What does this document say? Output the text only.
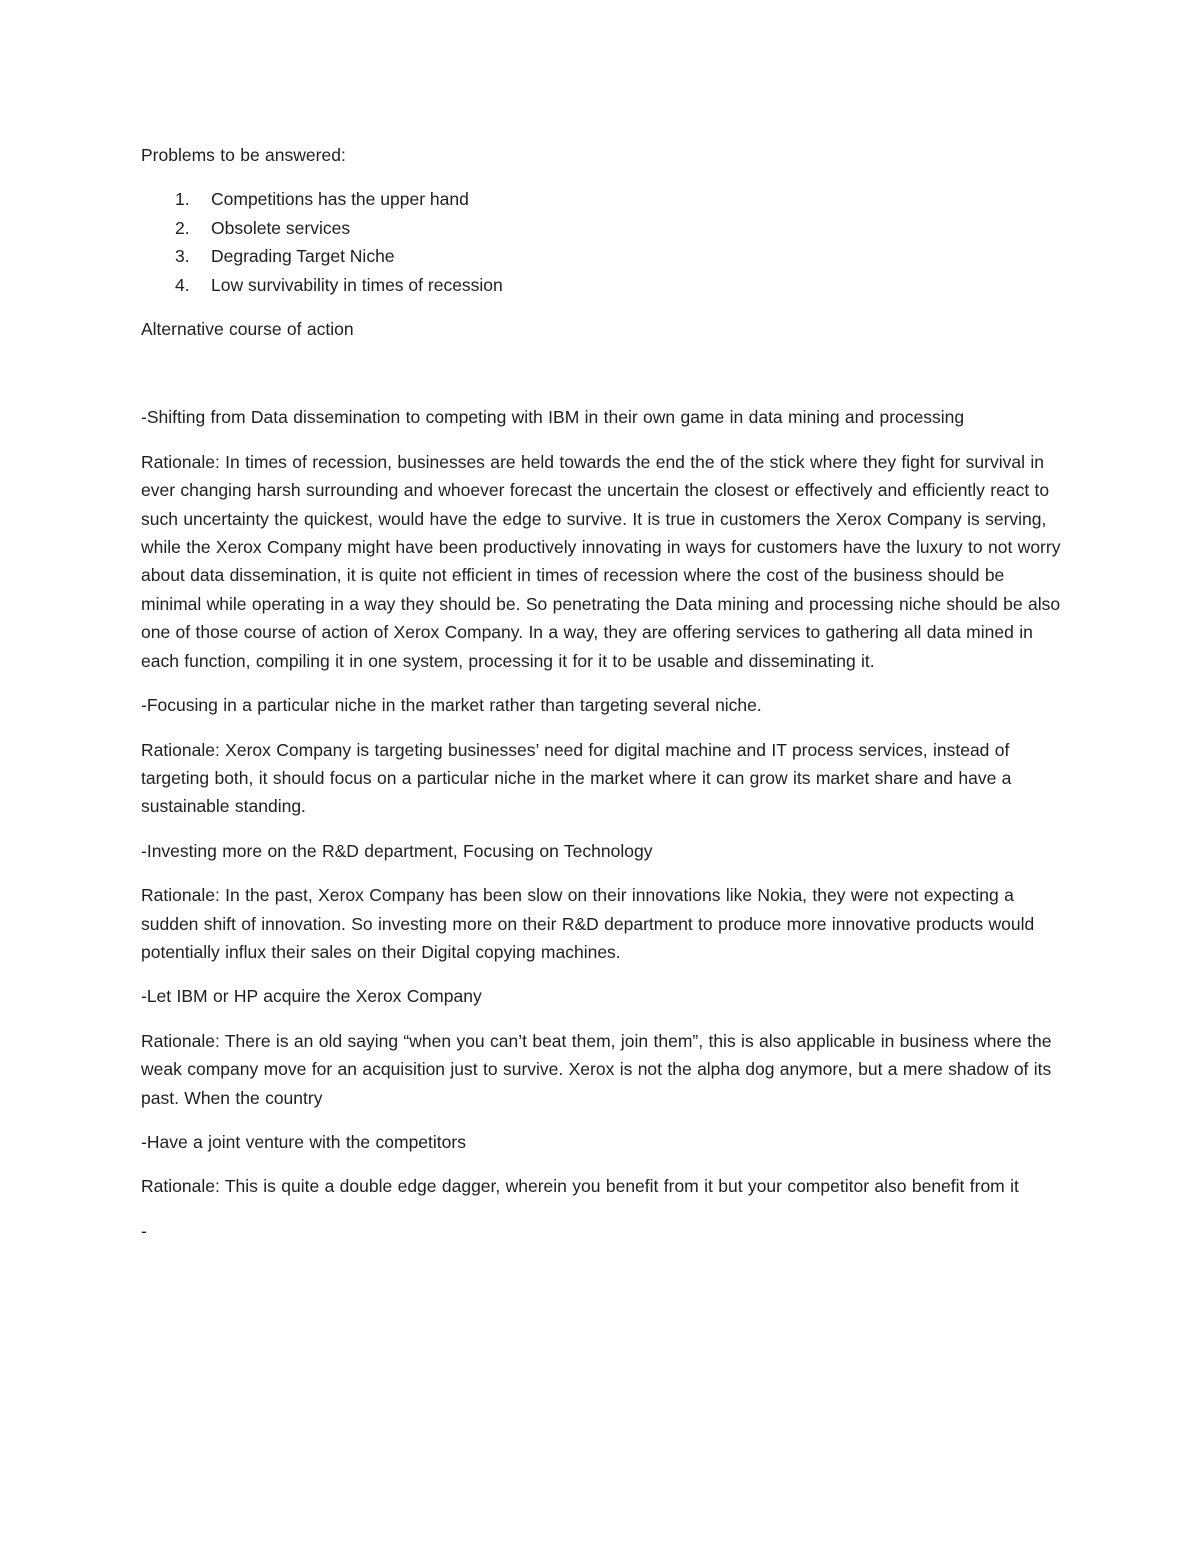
Problems to be answered:

1. Competitions has the upper hand
2. Obsolete services
3. Degrading Target Niche
4. Low survivability in times of recession

Alternative course of action

-Shifting from Data dissemination to competing with IBM in their own game in data mining and processing

Rationale: In times of recession, businesses are held towards the end the of the stick where they fight for survival in ever changing harsh surrounding and whoever forecast the uncertain the closest or effectively and efficiently react to such uncertainty the quickest, would have the edge to survive. It is true in customers the Xerox Company is serving, while the Xerox Company might have been productively innovating in ways for customers have the luxury to not worry about data dissemination, it is quite not efficient in times of recession where the cost of the business should be minimal while operating in a way they should be. So penetrating the Data mining and processing niche should be also one of those course of action of Xerox Company. In a way, they are offering services to gathering all data mined in each function, compiling it in one system, processing it for it to be usable and disseminating it.

-Focusing in a particular niche in the market rather than targeting several niche.

Rationale: Xerox Company is targeting businesses’ need for digital machine and IT process services, instead of targeting both, it should focus on a particular niche in the market where it can grow its market share and have a sustainable standing.

-Investing more on the R&D department, Focusing on Technology

Rationale: In the past, Xerox Company has been slow on their innovations like Nokia, they were not expecting a sudden shift of innovation. So investing more on their R&D department to produce more innovative products would potentially influx their sales on their Digital copying machines.

-Let IBM or HP acquire the Xerox Company

Rationale: There is an old saying “when you can’t beat them, join them”, this is also applicable in business where the weak company move for an acquisition just to survive. Xerox is not the alpha dog anymore, but a mere shadow of its past. When the country

-Have a joint venture with the competitors

Rationale: This is quite a double edge dagger, wherein you benefit from it but your competitor also benefit from it

-
